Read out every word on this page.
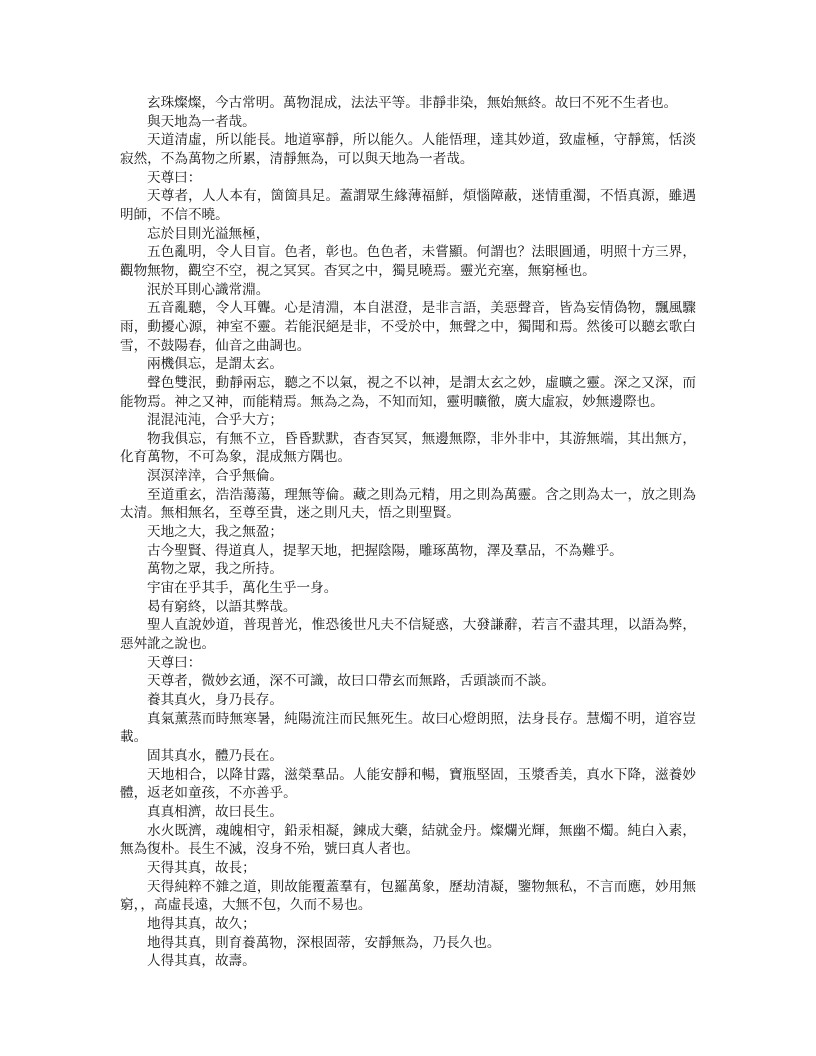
玄珠燦燦，今古常明。萬物混成，法法平等。非靜非染，無始無終。故曰不死不生者也。

與天地為一者哉。

天道清虛，所以能長。地道寧靜，所以能久。人能悟理，達其妙道，致虛極，守靜篤，恬淡寂然，不為萬物之所累，清靜無為，可以與天地為一者哉。

天尊曰：

天尊者，人人本有，箇箇具足。蓋謂眾生緣薄福鮮，煩惱障蔽，迷情重濁，不悟真源，雖遇明師，不信不曉。

忘於目則光溢無極，

五色亂明，令人目盲。色者，彰也。色色者，未嘗顯。何謂也？法眼圓通，明照十方三界，觀物無物，觀空不空，視之冥冥。杳冥之中，獨見曉焉。靈光充塞，無窮極也。

泯於耳則心識常淵。

五音亂聽，令人耳聾。心是清淵，本自湛澄，是非言語，美惡聲音，皆為妄情偽物，飄風驟雨，動擾心源，神室不靈。若能泯絕是非，不受於中，無聲之中，獨聞和焉。然後可以聽玄歌白雪，不鼓陽春，仙音之曲調也。

兩機俱忘，是謂太玄。

聲色雙泯，動靜兩忘，聽之不以氣，視之不以神，是謂太玄之妙，虛曠之靈。深之又深，而能物焉。神之又神，而能精焉。無為之為，不知而知，靈明曠徹，廣大虛寂，妙無邊際也。

混混沌沌，合乎大方；

物我俱忘，有無不立，昏昏默默，杳杳冥冥，無邊無際，非外非中，其游無端，其出無方，化育萬物，不可為象，混成無方隅也。

溟溟涬涬，合乎無倫。

至道重玄，浩浩蕩蕩，理無等倫。藏之則為元精，用之則為萬靈。含之則為太一，放之則為太清。無相無名，至尊至貴，迷之則凡夫，悟之則聖賢。

天地之大，我之無盈；

古今聖賢、得道真人，提挈天地，把握陰陽，雕琢萬物，澤及羣品，不為難乎。

萬物之眾，我之所持。

宇宙在乎其手，萬化生乎一身。

曷有窮終，以語其弊哉。

聖人直說妙道，普現普光，惟恐後世凡夫不信疑惑，大發謙辭，若言不盡其理，以語為弊，惡舛訛之說也。

天尊曰：

天尊者，微妙玄通，深不可識，故曰口帶玄而無路，舌頭談而不談。

養其真火，身乃長存。

真氣薰蒸而時無寒暑，純陽流注而民無死生。故曰心燈朗照，法身長存。慧燭不明，道容豈載。

固其真水，體乃長在。

天地相合，以降甘露，滋榮羣品。人能安靜和暢，寶瓶堅固，玉漿香美，真水下降，滋養妙體，返老如童孩，不亦善乎。

真真相濟，故曰長生。

水火既濟，魂魄相守，鉛汞相凝，鍊成大藥，結就金丹。燦爛光輝，無幽不燭。純白入素，無為復朴。長生不滅，沒身不殆，號曰真人者也。

天得其真，故長；

天得純粹不雜之道，則故能覆蓋羣有，包羅萬象，歷劫清凝，鑒物無私，不言而應，妙用無窮，，高虛長遠，大無不包，久而不易也。

地得其真，故久；

地得其真，則育養萬物，深根固蒂，安靜無為，乃長久也。

人得其真，故壽。
